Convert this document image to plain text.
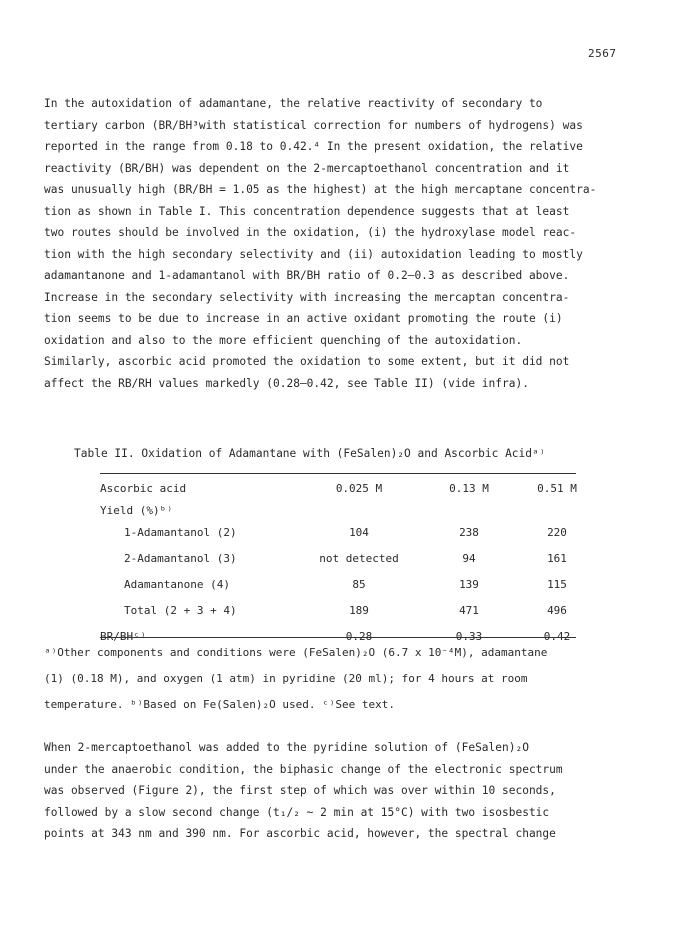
2567
In the autoxidation of adamantane, the relative reactivity of secondary to
tertiary carbon (BR/BH³with statistical correction for numbers of hydrogens) was
reported in the range from 0.18 to 0.42.⁴ In the present oxidation, the relative
reactivity (BR/BH) was dependent on the 2-mercaptoethanol concentration and it
was unusually high (BR/BH = 1.05 as the highest) at the high mercaptane concentra-
tion as shown in Table I. This concentration dependence suggests that at least
two routes should be involved in the oxidation, (i) the hydroxylase model reac-
tion with the high secondary selectivity and (ii) autoxidation leading to mostly
adamantanone and 1-adamantanol with BR/BH ratio of 0.2—0.3 as described above.
Increase in the secondary selectivity with increasing the mercaptan concentra-
tion seems to be due to increase in an active oxidant promoting the route (i)
oxidation and also to the more efficient quenching of the autoxidation.
Similarly, ascorbic acid promoted the oxidation to some extent, but it did not
affect the RB/RH values markedly (0.28—0.42, see Table II) (vide infra).
Table II. Oxidation of Adamantane with (FeSalen)₂O and Ascorbic Acidᵃ⁾
Ascorbic acid	0.025 M	0.13 M	0.51 M
Yield (%)ᵇ⁾			
1-Adamantanol (2)	104	238	220
2-Adamantanol (3)	not detected	94	161
Adamantanone (4)	85	139	115
Total (2 + 3 + 4)	189	471	496
BR/BHᶜ⁾	0.28	0.33	0.42
ᵃ⁾Other components and conditions were (FeSalen)₂O (6.7 x 10⁻⁴M), adamantane
(1) (0.18 M), and oxygen (1 atm) in pyridine (20 ml); for 4 hours at room
temperature. ᵇ⁾Based on Fe(Salen)₂O used. ᶜ⁾See text.
When 2-mercaptoethanol was added to the pyridine solution of (FeSalen)₂O
under the anaerobic condition, the biphasic change of the electronic spectrum
was observed (Figure 2), the first step of which was over within 10 seconds,
followed by a slow second change (t₁/₂ ~ 2 min at 15°C) with two isosbestic
points at 343 nm and 390 nm. For ascorbic acid, however, the spectral change
